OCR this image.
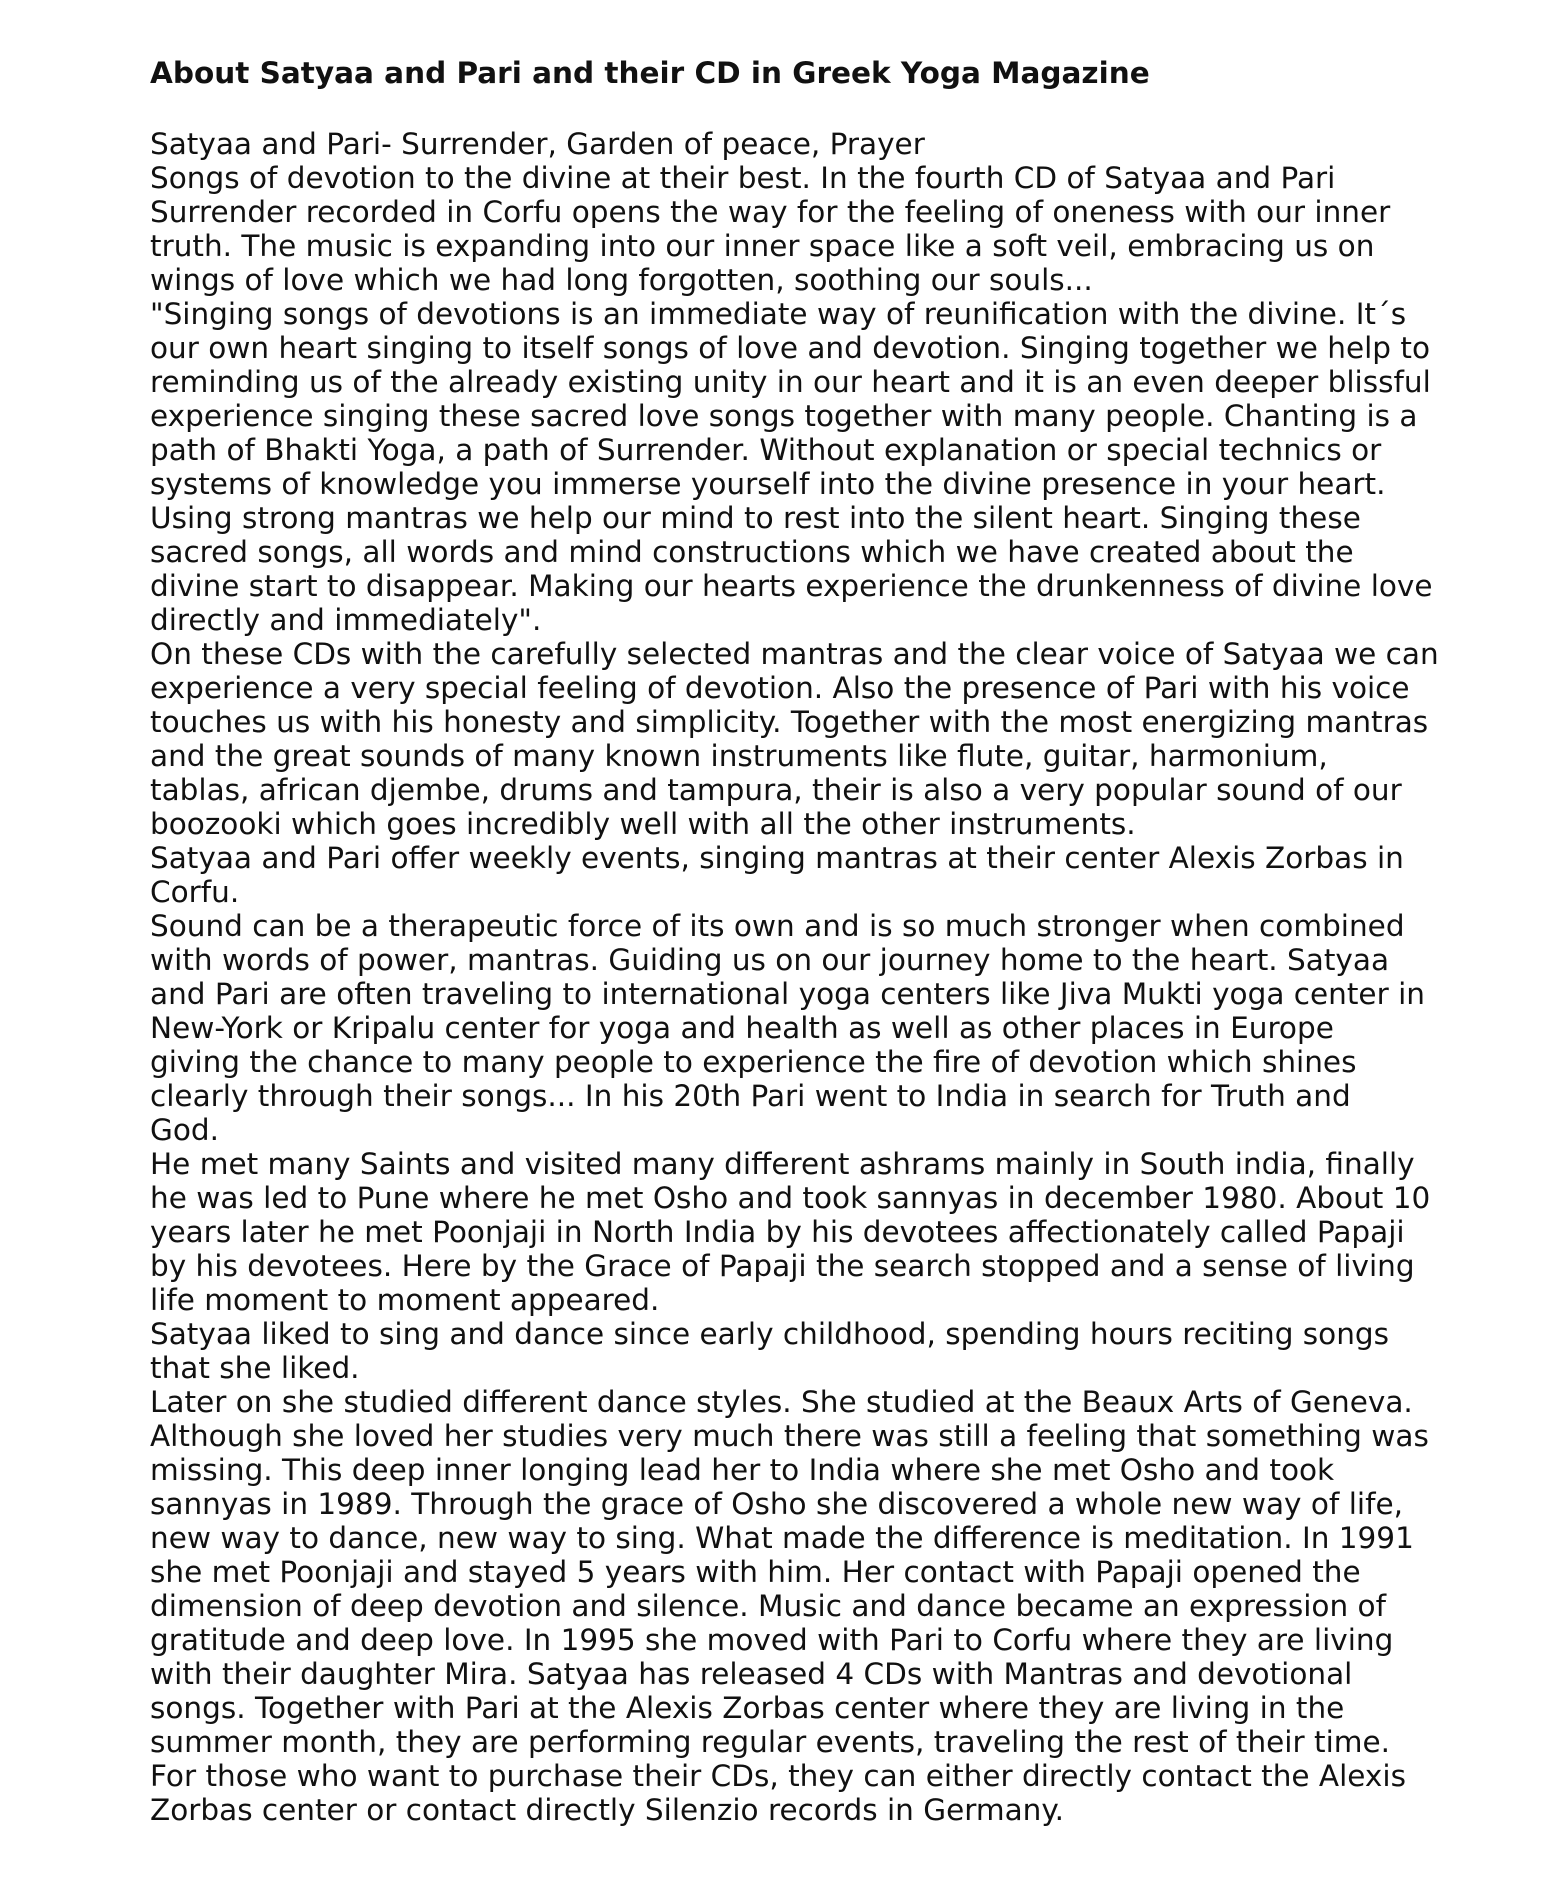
About Satyaa and Pari and their CD in Greek Yoga Magazine
Satyaa and Pari- Surrender, Garden of peace, Prayer
Songs of devotion to the divine at their best. In the fourth CD of Satyaa and Pari
Surrender recorded in Corfu opens the way for the feeling of oneness with our inner
truth. The music is expanding into our inner space like a soft veil, embracing us on
wings of love which we had long forgotten, soothing our souls...
"Singing songs of devotions is an immediate way of reunification with the divine. It´s
our own heart singing to itself songs of love and devotion. Singing together we help to
reminding us of the already existing unity in our heart and it is an even deeper blissful
experience singing these sacred love songs together with many people. Chanting is a
path of Bhakti Yoga, a path of Surrender. Without explanation or special technics or
systems of knowledge you immerse yourself into the divine presence in your heart.
Using strong mantras we help our mind to rest into the silent heart. Singing these
sacred songs, all words and mind constructions which we have created about the
divine start to disappear. Making our hearts experience the drunkenness of divine love
directly and immediately".
On these CDs with the carefully selected mantras and the clear voice of Satyaa we can
experience a very special feeling of devotion. Also the presence of Pari with his voice
touches us with his honesty and simplicity. Together with the most energizing mantras
and the great sounds of many known instruments like flute, guitar, harmonium,
tablas, african djembe, drums and tampura, their is also a very popular sound of our
boozooki which goes incredibly well with all the other instruments.
Satyaa and Pari offer weekly events, singing mantras at their center Alexis Zorbas in
Corfu.
Sound can be a therapeutic force of its own and is so much stronger when combined
with words of power, mantras. Guiding us on our journey home to the heart. Satyaa
and Pari are often traveling to international yoga centers like Jiva Mukti yoga center in
New-York or Kripalu center for yoga and health as well as other places in Europe
giving the chance to many people to experience the fire of devotion which shines
clearly through their songs... In his 20th Pari went to India in search for Truth and
God.
He met many Saints and visited many different ashrams mainly in South india, finally
he was led to Pune where he met Osho and took sannyas in december 1980. About 10
years later he met Poonjaji in North India by his devotees affectionately called Papaji
by his devotees. Here by the Grace of Papaji the search stopped and a sense of living
life moment to moment appeared.
Satyaa liked to sing and dance since early childhood, spending hours reciting songs
that she liked.
Later on she studied different dance styles. She studied at the Beaux Arts of Geneva.
Although she loved her studies very much there was still a feeling that something was
missing. This deep inner longing lead her to India where she met Osho and took
sannyas in 1989. Through the grace of Osho she discovered a whole new way of life,
new way to dance, new way to sing. What made the difference is meditation. In 1991
she met Poonjaji and stayed 5 years with him. Her contact with Papaji opened the
dimension of deep devotion and silence. Music and dance became an expression of
gratitude and deep love. In 1995 she moved with Pari to Corfu where they are living
with their daughter Mira. Satyaa has released 4 CDs with Mantras and devotional
songs. Together with Pari at the Alexis Zorbas center where they are living in the
summer month, they are performing regular events, traveling the rest of their time.
For those who want to purchase their CDs, they can either directly contact the Alexis
Zorbas center or contact directly Silenzio records in Germany.
